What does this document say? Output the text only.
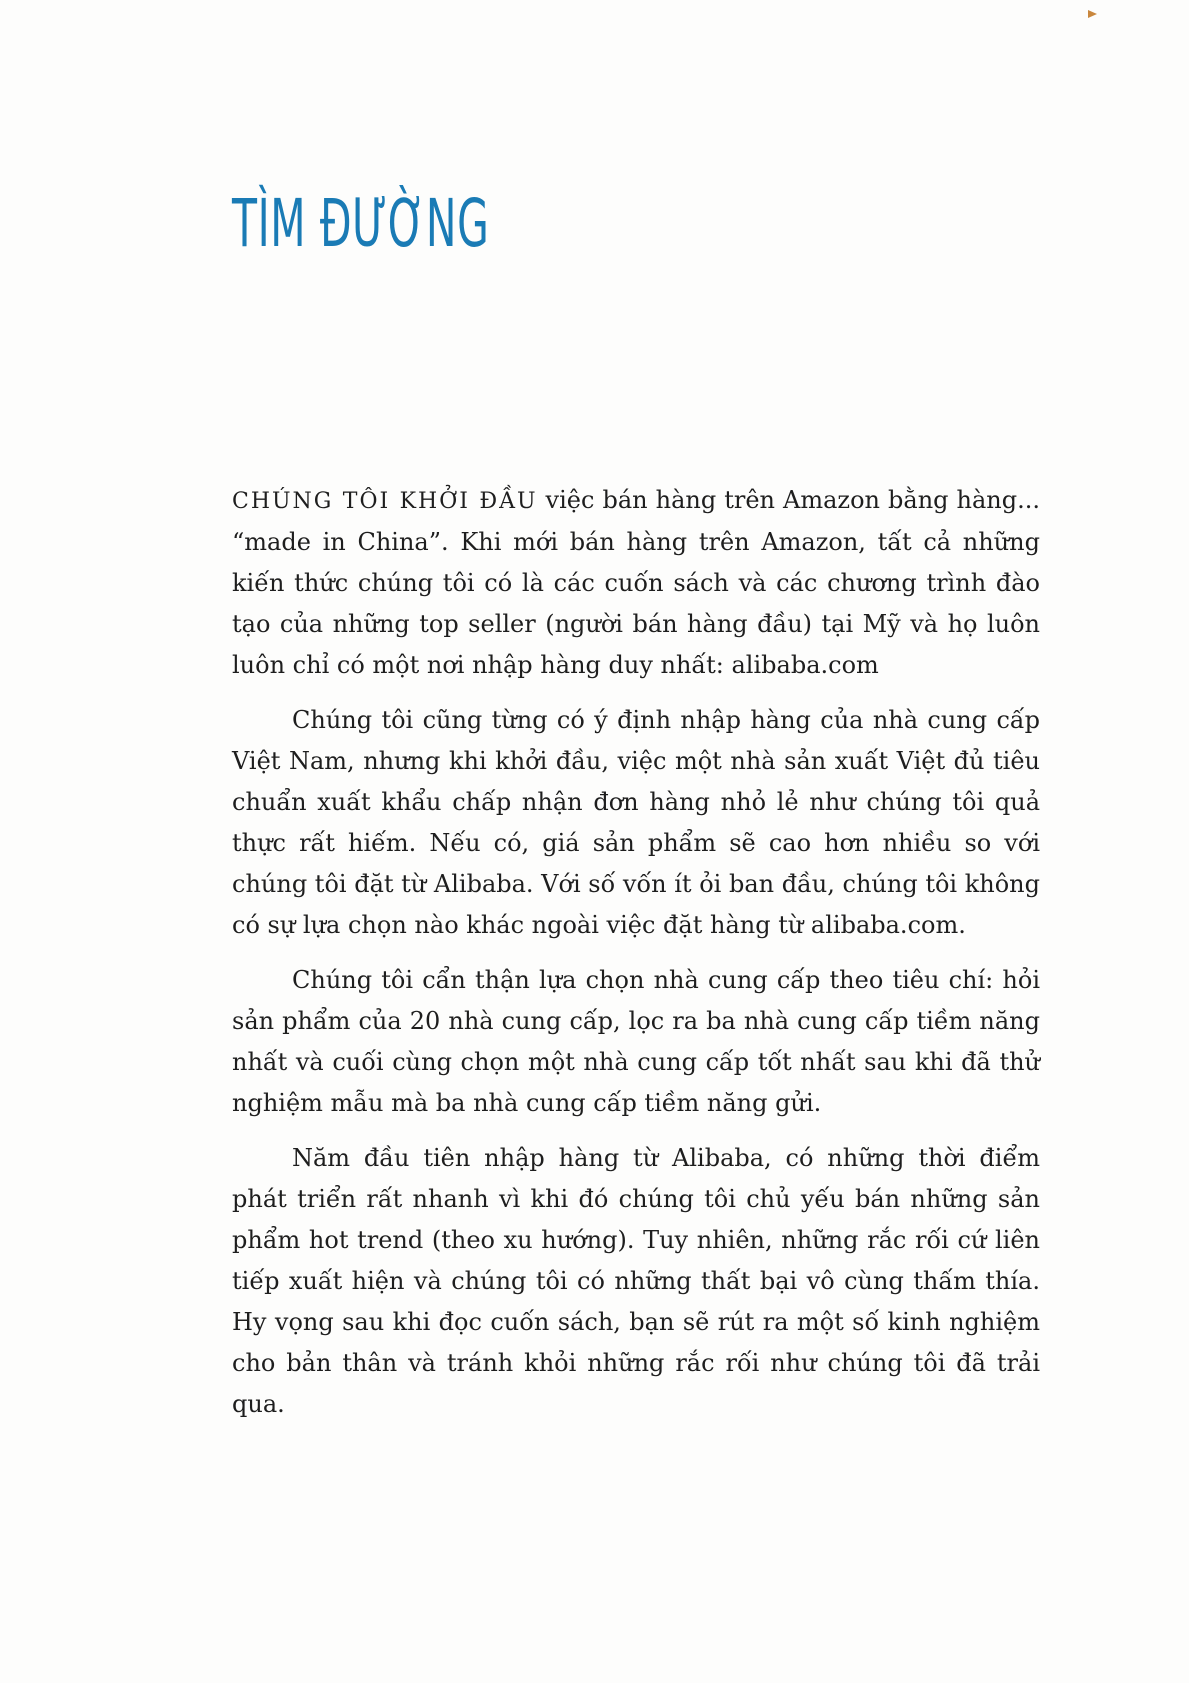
TÌM ĐƯỜNG

CHÚNG TÔI KHỞI ĐẦU việc bán hàng trên Amazon bằng hàng... “made in China”. Khi mới bán hàng trên Amazon, tất cả những kiến thức chúng tôi có là các cuốn sách và các chương trình đào tạo của những top seller (người bán hàng đầu) tại Mỹ và họ luôn luôn chỉ có một nơi nhập hàng duy nhất: alibaba.com

Chúng tôi cũng từng có ý định nhập hàng của nhà cung cấp Việt Nam, nhưng khi khởi đầu, việc một nhà sản xuất Việt đủ tiêu chuẩn xuất khẩu chấp nhận đơn hàng nhỏ lẻ như chúng tôi quả thực rất hiếm. Nếu có, giá sản phẩm sẽ cao hơn nhiều so với chúng tôi đặt từ Alibaba. Với số vốn ít ỏi ban đầu, chúng tôi không có sự lựa chọn nào khác ngoài việc đặt hàng từ alibaba.com.

Chúng tôi cẩn thận lựa chọn nhà cung cấp theo tiêu chí: hỏi sản phẩm của 20 nhà cung cấp, lọc ra ba nhà cung cấp tiềm năng nhất và cuối cùng chọn một nhà cung cấp tốt nhất sau khi đã thử nghiệm mẫu mà ba nhà cung cấp tiềm năng gửi.

Năm đầu tiên nhập hàng từ Alibaba, có những thời điểm phát triển rất nhanh vì khi đó chúng tôi chủ yếu bán những sản phẩm hot trend (theo xu hướng). Tuy nhiên, những rắc rối cứ liên tiếp xuất hiện và chúng tôi có những thất bại vô cùng thấm thía. Hy vọng sau khi đọc cuốn sách, bạn sẽ rút ra một số kinh nghiệm cho bản thân và tránh khỏi những rắc rối như chúng tôi đã trải qua.
